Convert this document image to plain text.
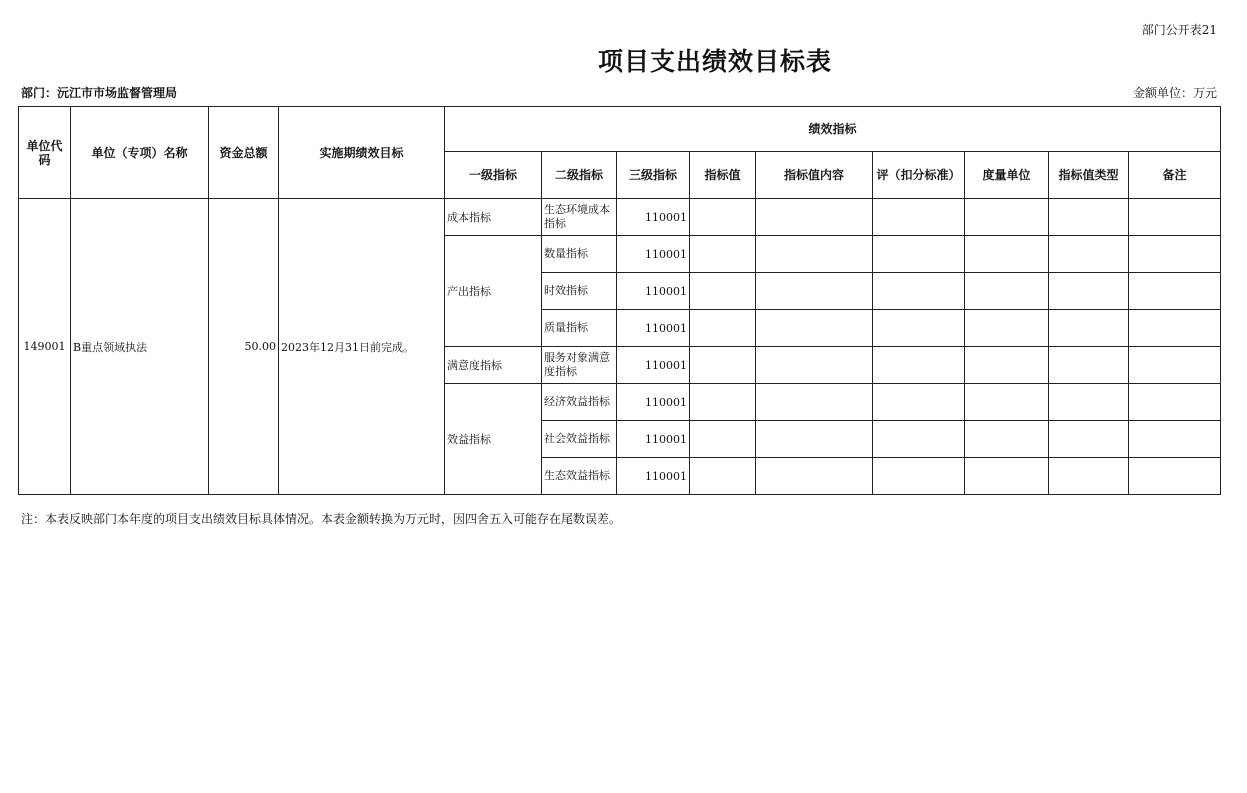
部门公开表21
项目支出绩效目标表
部门：沅江市市场监督管理局	金额单位：万元
单位代码	单位（专项）名称	资金总额	实施期绩效目标	绩效指标								
				一级指标	二级指标	三级指标	指标值	指标值内容	评（扣分标准）	度量单位	指标值类型	备注
149001	B重点领域执法	50.00	2023年12月31日前完成。	成本指标	生态环境成本指标	110001						
				产出指标	数量指标	110001						
					时效指标	110001						
					质量指标	110001						
				满意度指标	服务对象满意度指标	110001						
				效益指标	经济效益指标	110001						
					社会效益指标	110001						
					生态效益指标	110001						
注：本表反映部门本年度的项目支出绩效目标具体情况。本表金额转换为万元时，因四舍五入可能存在尾数误差。
